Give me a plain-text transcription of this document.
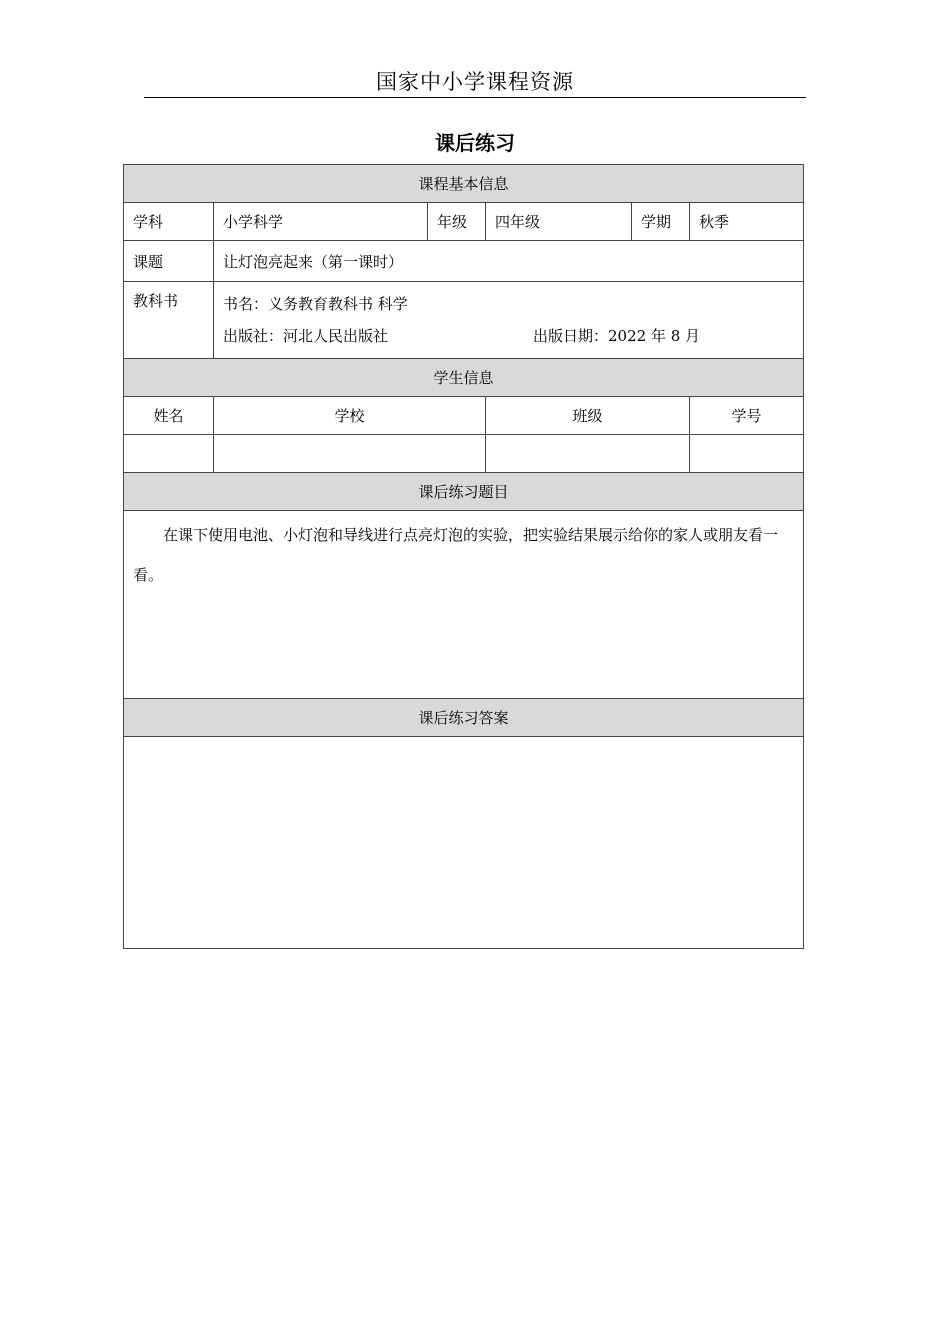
国家中小学课程资源
课后练习
课程基本信息					
学科	小学科学	年级	四年级	学期	秋季
课题	让灯泡亮起来（第一课时）				
教科书	书名：义务教育教科书 科学
出版社：河北人民出版社 出版日期：2022 年 8 月				

学生信息					
姓名	学校		班级		学号

课后练习题目					
在课下使用电池、小灯泡和导线进行点亮灯泡的实验，把实验结果展示给你的家人或朋友看一看。					
课后练习答案					
